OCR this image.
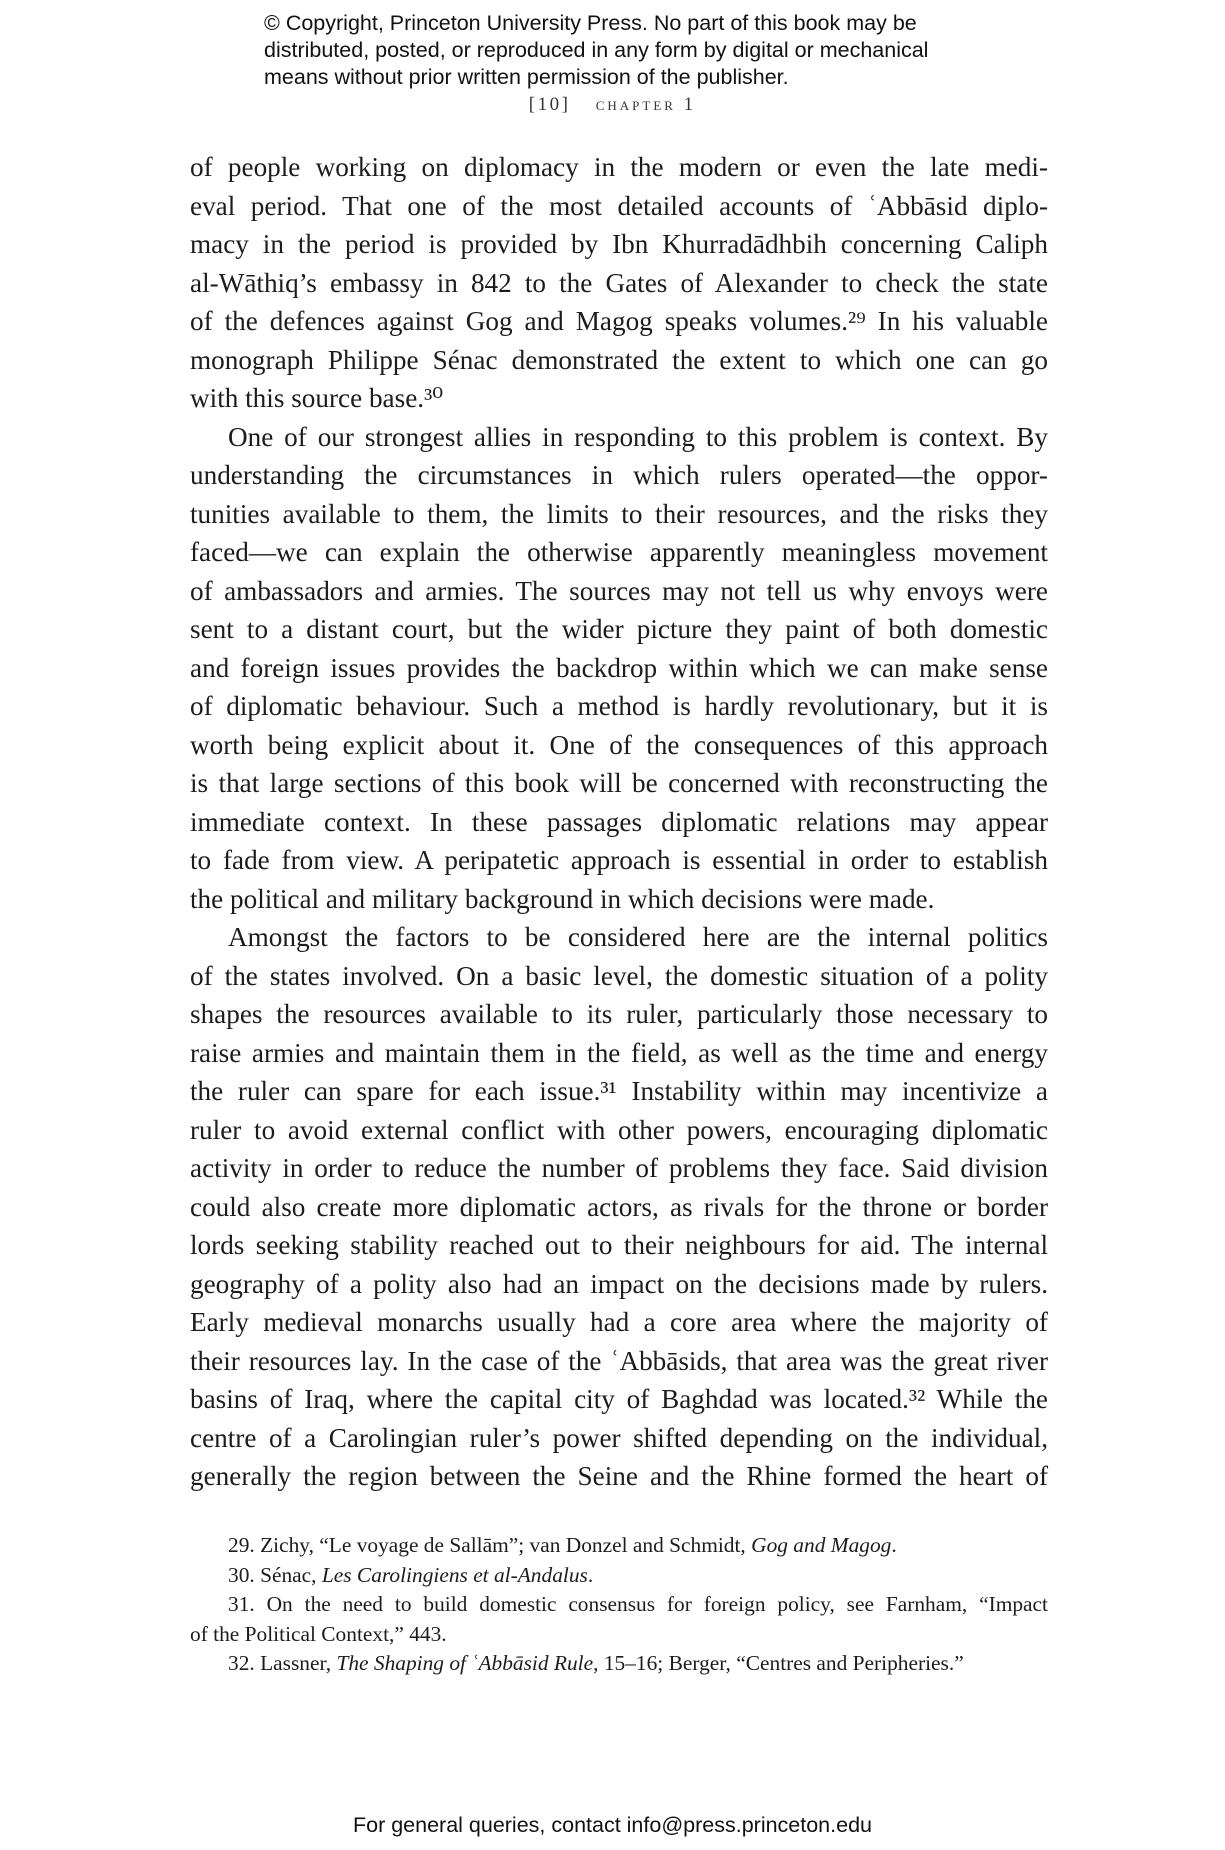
© Copyright, Princeton University Press. No part of this book may be
distributed, posted, or reproduced in any form by digital or mechanical
means without prior written permission of the publisher.
[10] chapter 1
of people working on diplomacy in the modern or even the late medi-
eval period. That one of the most detailed accounts of ʿAbbāsid diplo-
macy in the period is provided by Ibn Khurradādhbih concerning Caliph
al-Wāthiq’s embassy in 842 to the Gates of Alexander to check the state
of the defences against Gog and Magog speaks volumes.²⁹ In his valuable
monograph Philippe Sénac demonstrated the extent to which one can go
with this source base.³⁰
One of our strongest allies in responding to this problem is context. By
understanding the circumstances in which rulers operated—the oppor-
tunities available to them, the limits to their resources, and the risks they
faced—we can explain the otherwise apparently meaningless movement
of ambassadors and armies. The sources may not tell us why envoys were
sent to a distant court, but the wider picture they paint of both domestic
and foreign issues provides the backdrop within which we can make sense
of diplomatic behaviour. Such a method is hardly revolutionary, but it is
worth being explicit about it. One of the consequences of this approach
is that large sections of this book will be concerned with reconstructing the
immediate context. In these passages diplomatic relations may appear
to fade from view. A peripatetic approach is essential in order to establish
the political and military background in which decisions were made.
Amongst the factors to be considered here are the internal politics
of the states involved. On a basic level, the domestic situation of a polity
shapes the resources available to its ruler, particularly those necessary to
raise armies and maintain them in the field, as well as the time and energy
the ruler can spare for each issue.³¹ Instability within may incentivize a
ruler to avoid external conflict with other powers, encouraging diplomatic
activity in order to reduce the number of problems they face. Said division
could also create more diplomatic actors, as rivals for the throne or border
lords seeking stability reached out to their neighbours for aid. The internal
geography of a polity also had an impact on the decisions made by rulers.
Early medieval monarchs usually had a core area where the majority of
their resources lay. In the case of the ʿAbbāsids, that area was the great river
basins of Iraq, where the capital city of Baghdad was located.³² While the
centre of a Carolingian ruler’s power shifted depending on the individual,
generally the region between the Seine and the Rhine formed the heart of
29. Zichy, “Le voyage de Sallām”; van Donzel and Schmidt, Gog and Magog.
30. Sénac, Les Carolingiens et al-Andalus.
31. On the need to build domestic consensus for foreign policy, see Farnham, “Impact
of the Political Context,” 443.
32. Lassner, The Shaping of ʿAbbāsid Rule, 15–16; Berger, “Centres and Peripheries.”
For general queries, contact info@press.princeton.edu
